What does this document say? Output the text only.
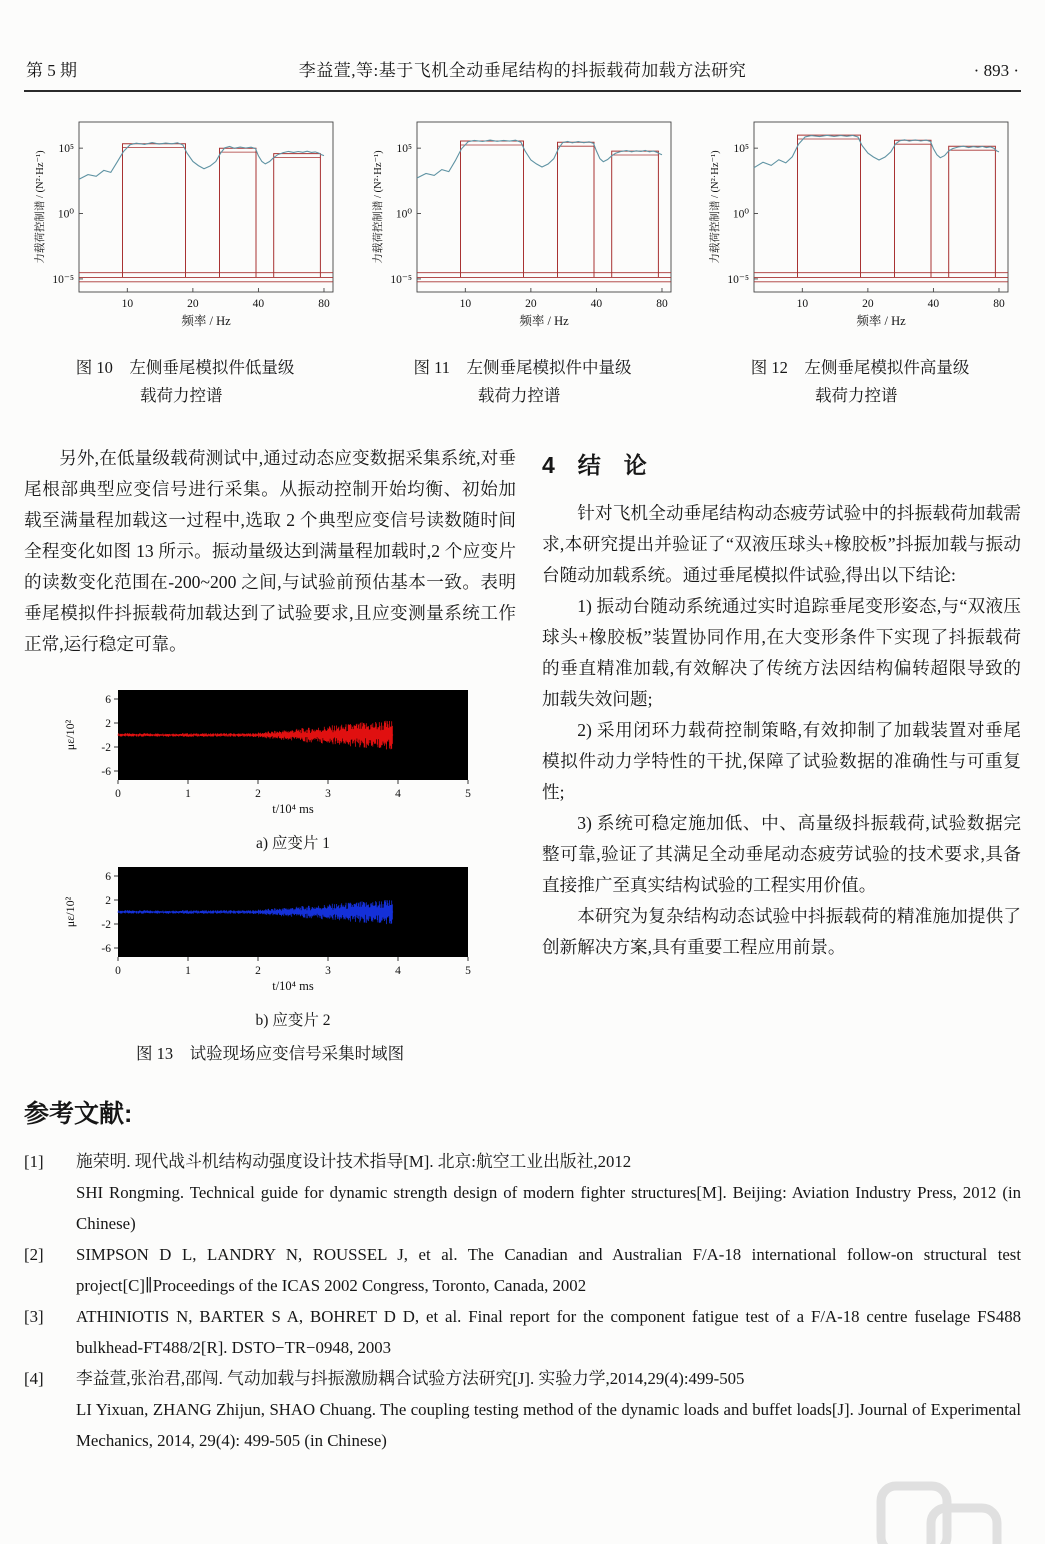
第 5 期	李益萱,等:基于飞机全动垂尾结构的抖振载荷加载方法研究	· 893 ·
10⁵
10⁰
10⁻⁵
10	20	40	80
频率 / Hz
力载荷控制谱 / (N²·Hz⁻¹)
图 10　左侧垂尾模拟件低量级
载荷力控谱
10⁵
10⁰
10⁻⁵
10	20	40	80
频率 / Hz
力载荷控制谱 / (N²·Hz⁻¹)
图 11　左侧垂尾模拟件中量级
载荷力控谱
10⁵
10⁰
10⁻⁵
10	20	40	80
频率 / Hz
力载荷控制谱 / (N²·Hz⁻¹)
图 12　左侧垂尾模拟件高量级
载荷力控谱

另外,在低量级载荷测试中,通过动态应变数据采集系统,对垂尾根部典型应变信号进行采集。从振动控制开始均衡、初始加载至满量程加载这一过程中,选取 2 个典型应变信号读数随时间全程变化如图 13 所示。振动量级达到满量程加载时,2 个应变片的读数变化范围在-200~200 之间,与试验前预估基本一致。表明垂尾模拟件抖振载荷加载达到了试验要求,且应变测量系统工作正常,运行稳定可靠。

6
2
-2
-6
0	1	2	3	4	5
t/10⁴ ms
με/10²
a) 应变片 1
6
2
-2
-6
0	1	2	3	4	5
t/10⁴ ms
με/10²
b) 应变片 2
图 13　试验现场应变信号采集时域图
4　结　论

针对飞机全动垂尾结构动态疲劳试验中的抖振载荷加载需求,本研究提出并验证了“双液压球头+橡胶板”抖振加载与振动台随动加载系统。通过垂尾模拟件试验,得出以下结论:

1) 振动台随动系统通过实时追踪垂尾变形姿态,与“双液压球头+橡胶板”装置协同作用,在大变形条件下实现了抖振载荷的垂直精准加载,有效解决了传统方法因结构偏转超限导致的加载失效问题;

2) 采用闭环力载荷控制策略,有效抑制了加载装置对垂尾模拟件动力学特性的干扰,保障了试验数据的准确性与可重复性;

3) 系统可稳定施加低、中、高量级抖振载荷,试验数据完整可靠,验证了其满足全动垂尾动态疲劳试验的技术要求,具备直接推广至真实结构试验的工程实用价值。

本研究为复杂结构动态试验中抖振载荷的精准施加提供了创新解决方案,具有重要工程应用前景。

参考文献:
[1]	施荣明. 现代战斗机结构动强度设计技术指导[M]. 北京:航空工业出版社,2012

SHI Rongming. Technical guide for dynamic strength design of modern fighter structures[M]. Beijing: Aviation Industry Press, 2012 (in Chinese)

[2]	SIMPSON D L, LANDRY N, ROUSSEL J, et al. The Canadian and Australian F/A-18 international follow-on structural test project[C]∥Proceedings of the ICAS 2002 Congress, Toronto, Canada, 2002

[3]	ATHINIOTIS N, BARTER S A, BOHRET D D, et al. Final report for the component fatigue test of a F/A-18 centre fuselage FS488 bulkhead-FT488/2[R]. DSTO−TR−0948, 2003

[4]	李益萱,张治君,邵闯. 气动加载与抖振激励耦合试验方法研究[J]. 实验力学,2014,29(4):499-505

LI Yixuan, ZHANG Zhijun, SHAO Chuang. The coupling testing method of the dynamic loads and buffet loads[J]. Journal of Experimental Mechanics, 2014, 29(4): 499-505 (in Chinese)
